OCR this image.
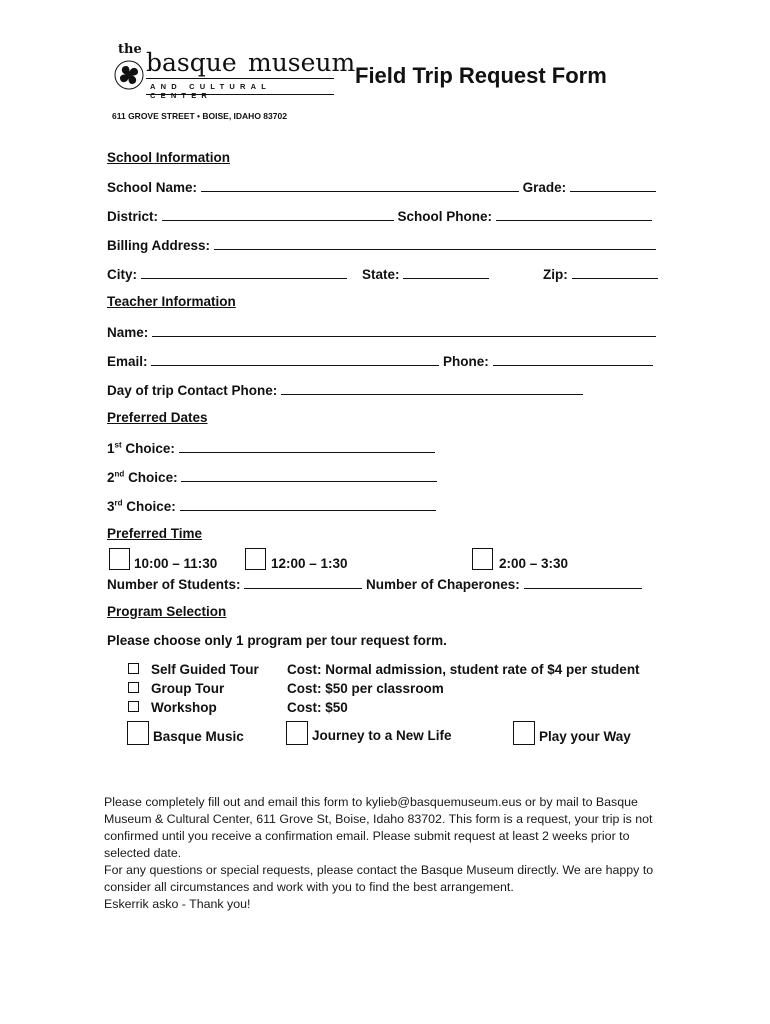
the basque museum
AND CULTURAL CENTER
611 GROVE STREET • BOISE, IDAHO 83702
Field Trip Request Form
School Information
School Name:	Grade:
District:	School Phone:
Billing Address:
City:	State:	Zip:
Teacher Information
Name:
Email:	Phone:
Day of trip Contact Phone:
Preferred Dates
1st Choice:
2nd Choice:
3rd Choice:
Preferred Time
10:00 – 11:30	12:00 – 1:30	2:00 – 3:30
Number of Students:	Number of Chaperones:
Program Selection
Please choose only 1 program per tour request form.
Self Guided Tour Cost: Normal admission, student rate of $4 per student
Group Tour	Cost: $50 per classroom
Workshop	Cost: $50
Basque Music	Journey to a New Life	Play your Way
Please completely fill out and email this form to kylieb@basquemuseum.eus or by mail to Basque Museum & Cultural Center, 611 Grove St, Boise, Idaho 83702. This form is a request, your trip is not confirmed until you receive a confirmation email. Please submit request at least 2 weeks prior to selected date.
For any questions or special requests, please contact the Basque Museum directly. We are happy to consider all circumstances and work with you to find the best arrangement.
Eskerrik asko - Thank you!
